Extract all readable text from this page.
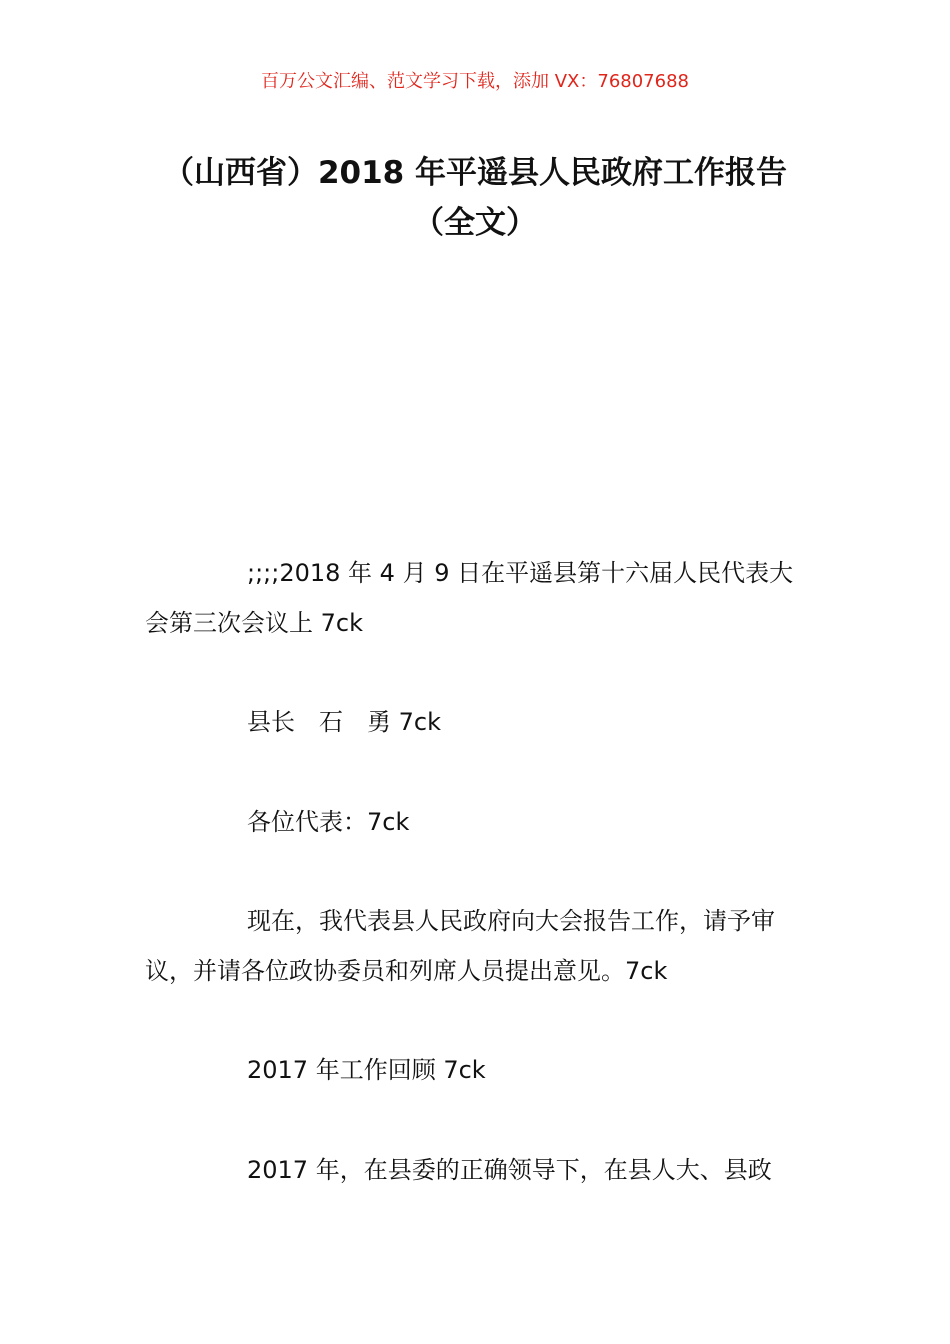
百万公文汇编、范文学习下载，添加 VX：76807688
（山西省）2018 年平遥县人民政府工作报告（全文）

;;;;2018 年 4 月 9 日在平遥县第十六届人民代表大会第三次会议上 7ck

县长　石　勇 7ck

各位代表：7ck

现在，我代表县人民政府向大会报告工作，请予审议，并请各位政协委员和列席人员提出意见。7ck

2017 年工作回顾 7ck

2017 年，在县委的正确领导下，在县人大、县政
